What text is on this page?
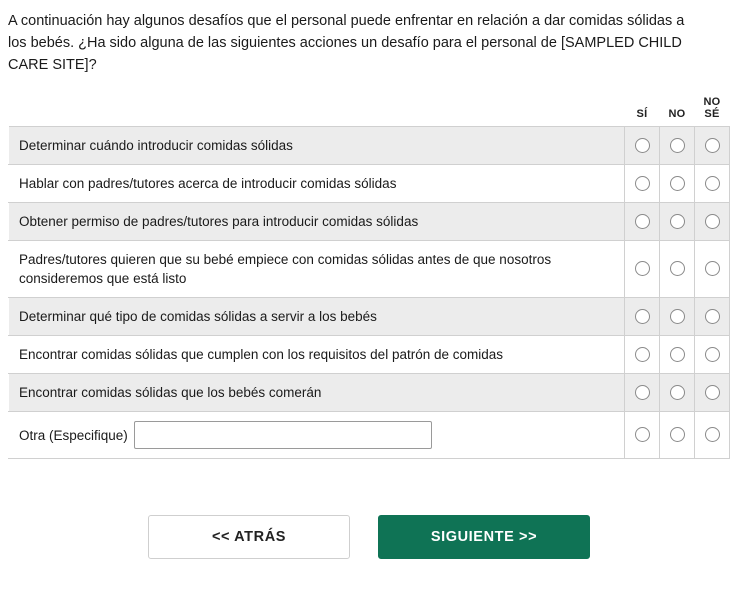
A continuación hay algunos desafíos que el personal puede enfrentar en relación a dar comidas sólidas a los bebés. ¿Ha sido alguna de las siguientes acciones un desafío para el personal de [SAMPLED CHILD CARE SITE]?

	SÍ	NO	NO
SÉ

Determinar cuándo introducir comidas sólidas			
Hablar con padres/tutores acerca de introducir comidas sólidas			
Obtener permiso de padres/tutores para introducir comidas sólidas			
Padres/tutores quieren que su bebé empiece con comidas sólidas antes de que nosotros consideremos que está listo			
Determinar qué tipo de comidas sólidas a servir a los bebés			
Encontrar comidas sólidas que cumplen con los requisitos del patrón de comidas			
Encontrar comidas sólidas que los bebés comerán			

Otra (Especifique)			

<< ATRÁS	SIGUIENTE >>
